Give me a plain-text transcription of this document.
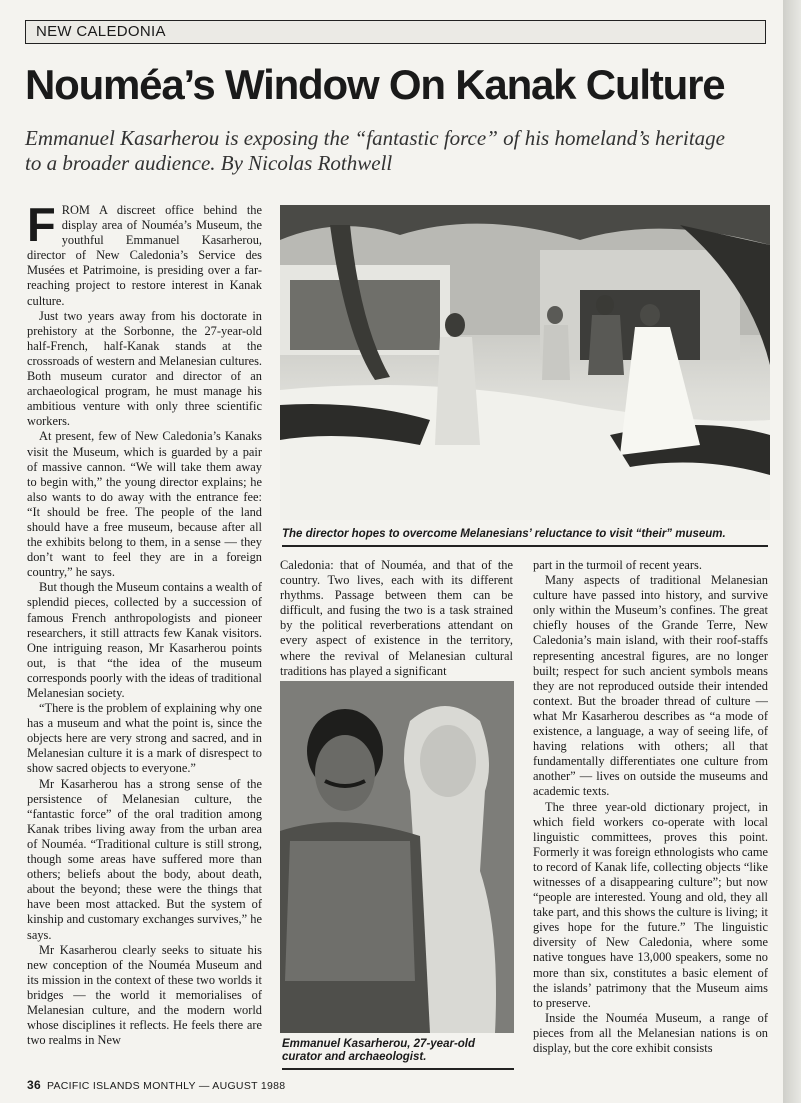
NEW CALEDONIA
Nouméa’s Window On Kanak Culture

Emmanuel Kasarherou is exposing the “fantastic force” of his homeland’s heritage to a broader audience. By Nicolas Rothwell

FROM A discreet office behind the display area of Nouméa’s Museum, the youthful Emmanuel Kasarherou, director of New Caledonia’s Service des Musées et Patrimoine, is presiding over a far-reaching project to restore interest in Kanak culture.

Just two years away from his doctorate in prehistory at the Sorbonne, the 27-year-old half-French, half-Kanak stands at the crossroads of western and Melanesian cultures. Both museum curator and director of an archaeological program, he must manage his ambitious venture with only three scientific workers.

At present, few of New Caledonia’s Kanaks visit the Museum, which is guarded by a pair of massive cannon. “We will take them away to begin with,” the young director explains; he also wants to do away with the entrance fee: “It should be free. The people of the land should have a free museum, because after all the exhibits belong to them, in a sense — they don’t want to feel they are in a foreign country,” he says.

But though the Museum contains a wealth of splendid pieces, collected by a succession of famous French anthropologists and pioneer researchers, it still attracts few Kanak visitors. One intriguing reason, Mr Kasarherou points out, is that “the idea of the museum corresponds poorly with the ideas of traditional Melanesian society.

“There is the problem of explaining why one has a museum and what the point is, since the objects here are very strong and sacred, and in Melanesian culture it is a mark of disrespect to show sacred objects to everyone.”

Mr Kasarherou has a strong sense of the persistence of Melanesian culture, the “fantastic force” of the oral tradition among Kanak tribes living away from the urban area of Nouméa. “Traditional culture is still strong, though some areas have suffered more than others; beliefs about the body, about death, about the beyond; these were the things that have been most attacked. But the system of kinship and customary exchanges survives,” he says.

Mr Kasarherou clearly seeks to situate his new conception of the Nouméa Museum and its mission in the context of these two worlds it bridges — the world it memorialises of Melanesian culture, and the modern world whose disciplines it reflects. He feels there are two realms in New

The director hopes to overcome Melanesians’ reluctance to visit “their” museum.

Caledonia: that of Nouméa, and that of the country. Two lives, each with its different rhythms. Passage between them can be difficult, and fusing the two is a task strained by the political reverberations attendant on every aspect of existence in the territory, where the revival of Melanesian cultural traditions has played a significant

Emmanuel Kasarherou, 27-year-old curator and archaeologist.

part in the turmoil of recent years.

Many aspects of traditional Melanesian culture have passed into history, and survive only within the Museum’s confines. The great chiefly houses of the Grande Terre, New Caledonia’s main island, with their roof-staffs representing ancestral figures, are no longer built; respect for such ancient symbols means they are not reproduced outside their intended context. But the broader thread of culture — what Mr Kasarherou describes as “a mode of existence, a language, a way of seeing life, of having relations with others; all that fundamentally differentiates one culture from another” — lives on outside the museums and academic texts.

The three year-old dictionary project, in which field workers co-operate with local linguistic committees, proves this point. Formerly it was foreign ethnologists who came to record of Kanak life, collecting objects “like witnesses of a disappearing culture”; but now “people are interested. Young and old, they all take part, and this shows the culture is living; it gives hope for the future.” The linguistic diversity of New Caledonia, where some native tongues have 13,000 speakers, some no more than six, constitutes a basic element of the islands’ patrimony that the Museum aims to preserve.

Inside the Nouméa Museum, a range of pieces from all the Melanesian nations is on display, but the core exhibit consists

36 PACIFIC ISLANDS MONTHLY — AUGUST 1988
